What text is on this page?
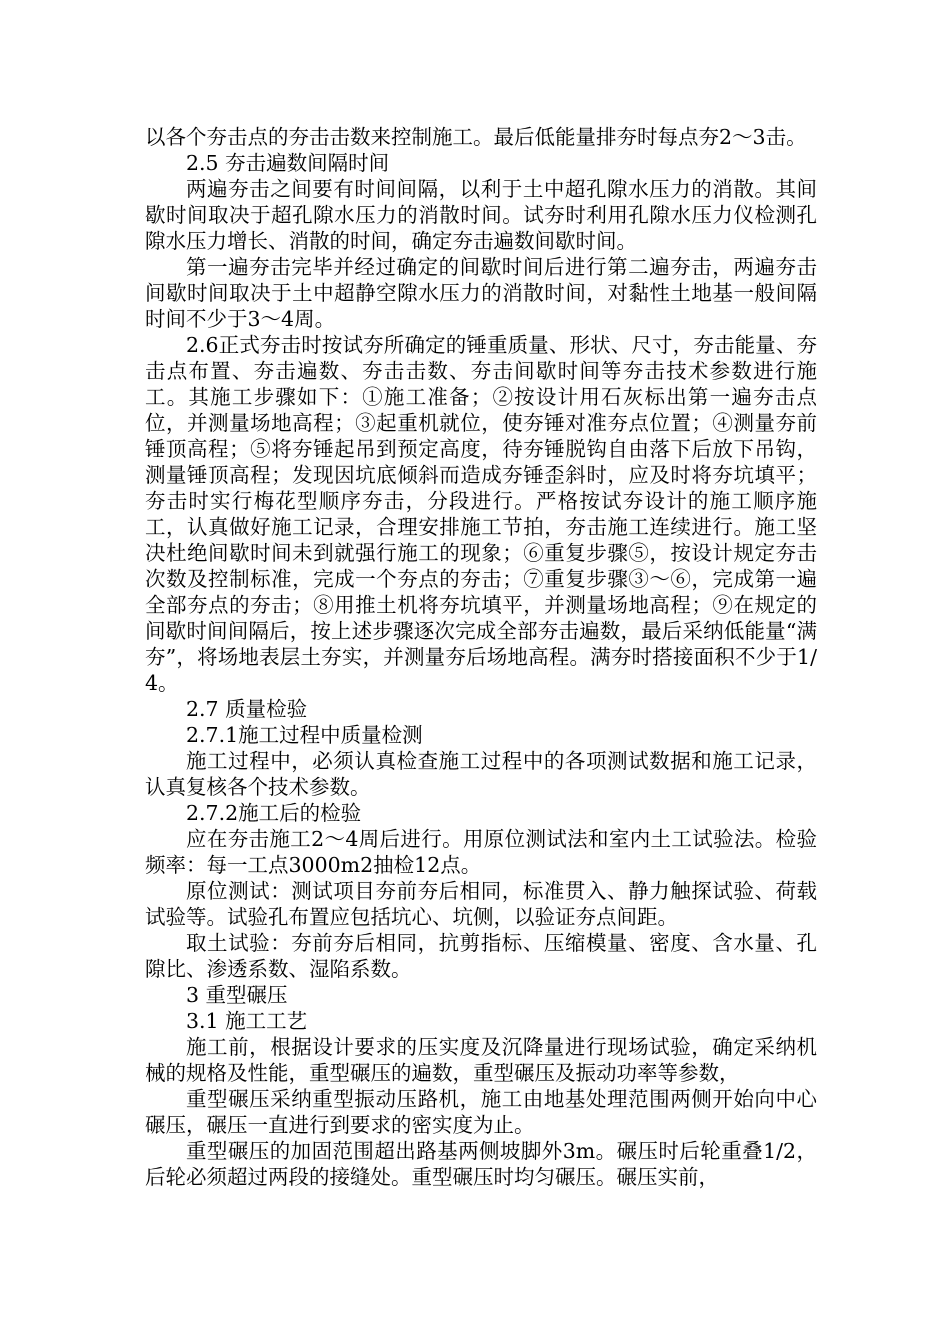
以各个夯击点的夯击击数来控制施工。最后低能量排夯时每点夯2～3击。

2.5 夯击遍数间隔时间

两遍夯击之间要有时间间隔，以利于土中超孔隙水压力的消散。其间歇时间取决于超孔隙水压力的消散时间。试夯时利用孔隙水压力仪检测孔隙水压力增长、消散的时间，确定夯击遍数间歇时间。

第一遍夯击完毕并经过确定的间歇时间后进行第二遍夯击，两遍夯击间歇时间取决于土中超静空隙水压力的消散时间，对黏性土地基一般间隔时间不少于3～4周。

2.6正式夯击时按试夯所确定的锤重质量、形状、尺寸，夯击能量、夯击点布置、夯击遍数、夯击击数、夯击间歇时间等夯击技术参数进行施工。其施工步骤如下：①施工准备；②按设计用石灰标出第一遍夯击点位，并测量场地高程；③起重机就位，使夯锤对准夯点位置；④测量夯前锤顶高程；⑤将夯锤起吊到预定高度，待夯锤脱钩自由落下后放下吊钩，测量锤顶高程；发现因坑底倾斜而造成夯锤歪斜时，应及时将夯坑填平；夯击时实行梅花型顺序夯击，分段进行。严格按试夯设计的施工顺序施工，认真做好施工记录，合理安排施工节拍，夯击施工连续进行。施工坚决杜绝间歇时间未到就强行施工的现象；⑥重复步骤⑤，按设计规定夯击次数及控制标准，完成一个夯点的夯击；⑦重复步骤③～⑥，完成第一遍全部夯点的夯击；⑧用推土机将夯坑填平，并测量场地高程；⑨在规定的间歇时间间隔后，按上述步骤逐次完成全部夯击遍数，最后采纳低能量“满夯”，将场地表层土夯实，并测量夯后场地高程。满夯时搭接面积不少于1/4。

2.7 质量检验

2.7.1施工过程中质量检测

施工过程中，必须认真检查施工过程中的各项测试数据和施工记录，认真复核各个技术参数。

2.7.2施工后的检验

应在夯击施工2～4周后进行。用原位测试法和室内土工试验法。检验频率：每一工点3000m2抽检12点。

原位测试：测试项目夯前夯后相同，标准贯入、静力触探试验、荷载试验等。试验孔布置应包括坑心、坑侧，以验证夯点间距。

取土试验：夯前夯后相同，抗剪指标、压缩模量、密度、含水量、孔隙比、渗透系数、湿陷系数。

3 重型碾压

3.1 施工工艺

施工前，根据设计要求的压实度及沉降量进行现场试验，确定采纳机械的规格及性能，重型碾压的遍数，重型碾压及振动功率等参数，

重型碾压采纳重型振动压路机，施工由地基处理范围两侧开始向中心碾压，碾压一直进行到要求的密实度为止。

重型碾压的加固范围超出路基两侧坡脚外3m。碾压时后轮重叠1/2，后轮必须超过两段的接缝处。重型碾压时均匀碾压。碾压实前，
